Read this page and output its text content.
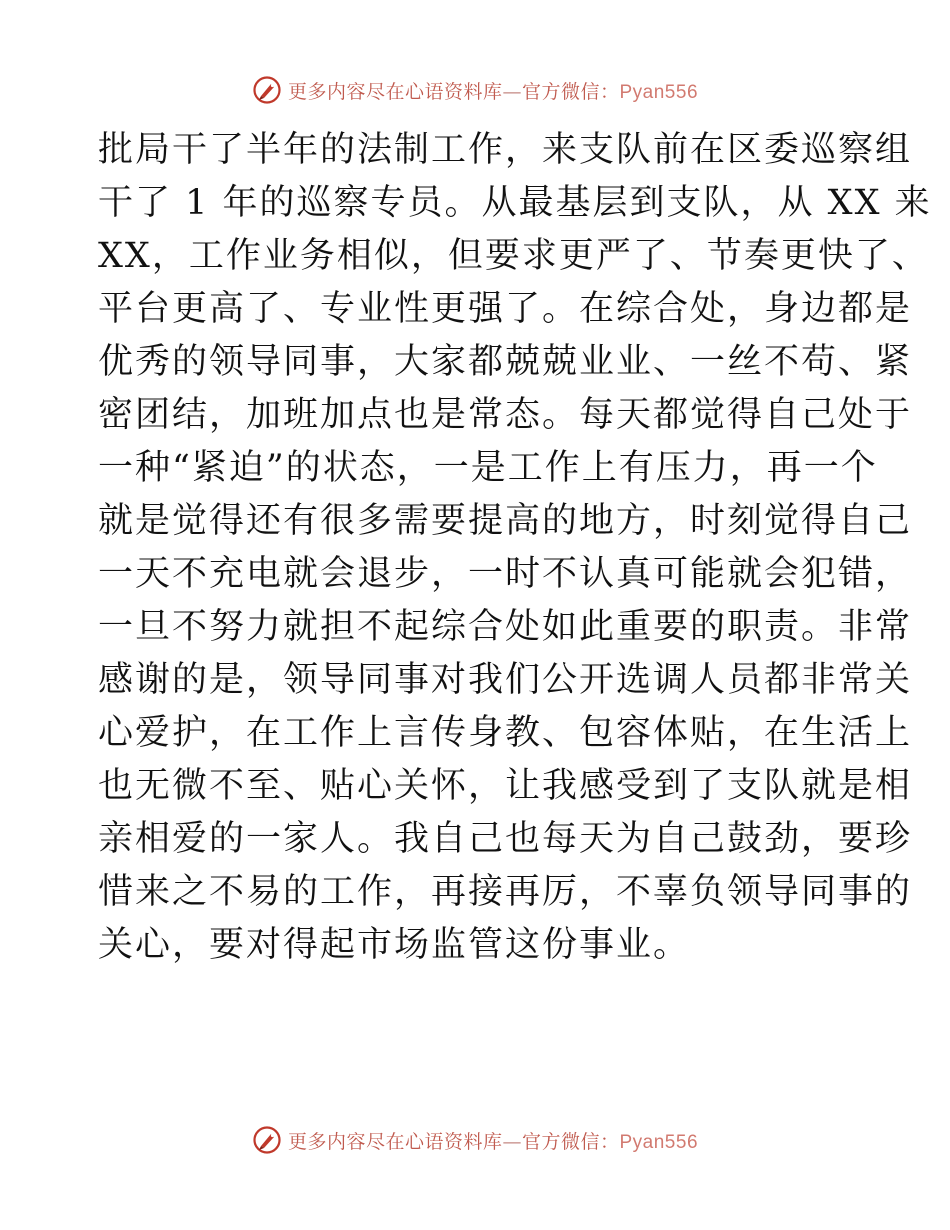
更多内容尽在心语资料库—官方微信：Pyan556
批局干了半年的法制工作，来支队前在区委巡察组
干了 1 年的巡察专员。从最基层到支队，从 XX 来
XX，工作业务相似，但要求更严了、节奏更快了、
平台更高了、专业性更强了。在综合处，身边都是
优秀的领导同事，大家都兢兢业业、一丝不苟、紧
密团结，加班加点也是常态。每天都觉得自己处于
一种“紧迫”的状态，一是工作上有压力，再一个
就是觉得还有很多需要提高的地方，时刻觉得自己
一天不充电就会退步，一时不认真可能就会犯错，
一旦不努力就担不起综合处如此重要的职责。非常
感谢的是，领导同事对我们公开选调人员都非常关
心爱护，在工作上言传身教、包容体贴，在生活上
也无微不至、贴心关怀，让我感受到了支队就是相
亲相爱的一家人。我自己也每天为自己鼓劲，要珍
惜来之不易的工作，再接再厉，不辜负领导同事的
关心，要对得起市场监管这份事业。
更多内容尽在心语资料库—官方微信：Pyan556
